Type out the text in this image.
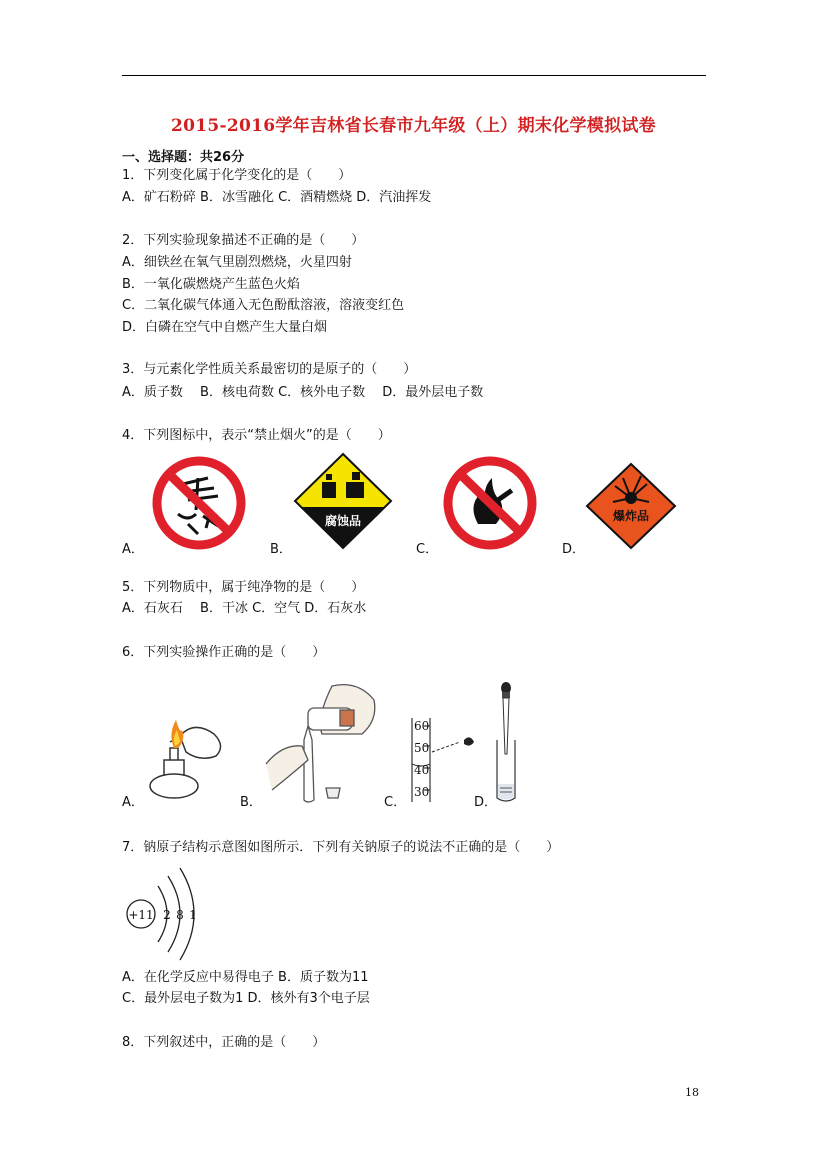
2015-2016学年吉林省长春市九年级（上）期末化学模拟试卷
一、选择题：共26分
1．下列变化属于化学变化的是（　　）
A．矿石粉碎 B．冰雪融化 C．酒精燃烧 D．汽油挥发
2．下列实验现象描述不正确的是（　　）
A．细铁丝在氧气里剧烈燃烧，火星四射
B．一氧化碳燃烧产生蓝色火焰
C．二氧化碳气体通入无色酚酞溶液，溶液变红色
D．白磷在空气中自燃产生大量白烟
3．与元素化学性质关系最密切的是原子的（　　）
A．质子数　 B．核电荷数 C．核外电子数　 D．最外层电子数
4．下列图标中，表示“禁止烟火”的是（　　）
A．
腐蚀品
B．	C．
爆炸品
D．
5．下列物质中，属于纯净物的是（　　）
A．石灰石　 B．干冰 C．空气 D．石灰水
6．下列实验操作正确的是（　　）
A．	B．
60
50
40
30
C．	D．
7．钠原子结构示意图如图所示．下列有关钠原子的说法不正确的是（　　）
+11 2 8 1
A．在化学反应中易得电子 B．质子数为11
C．最外层电子数为1 D．核外有3个电子层
8．下列叙述中，正确的是（　　）
18
